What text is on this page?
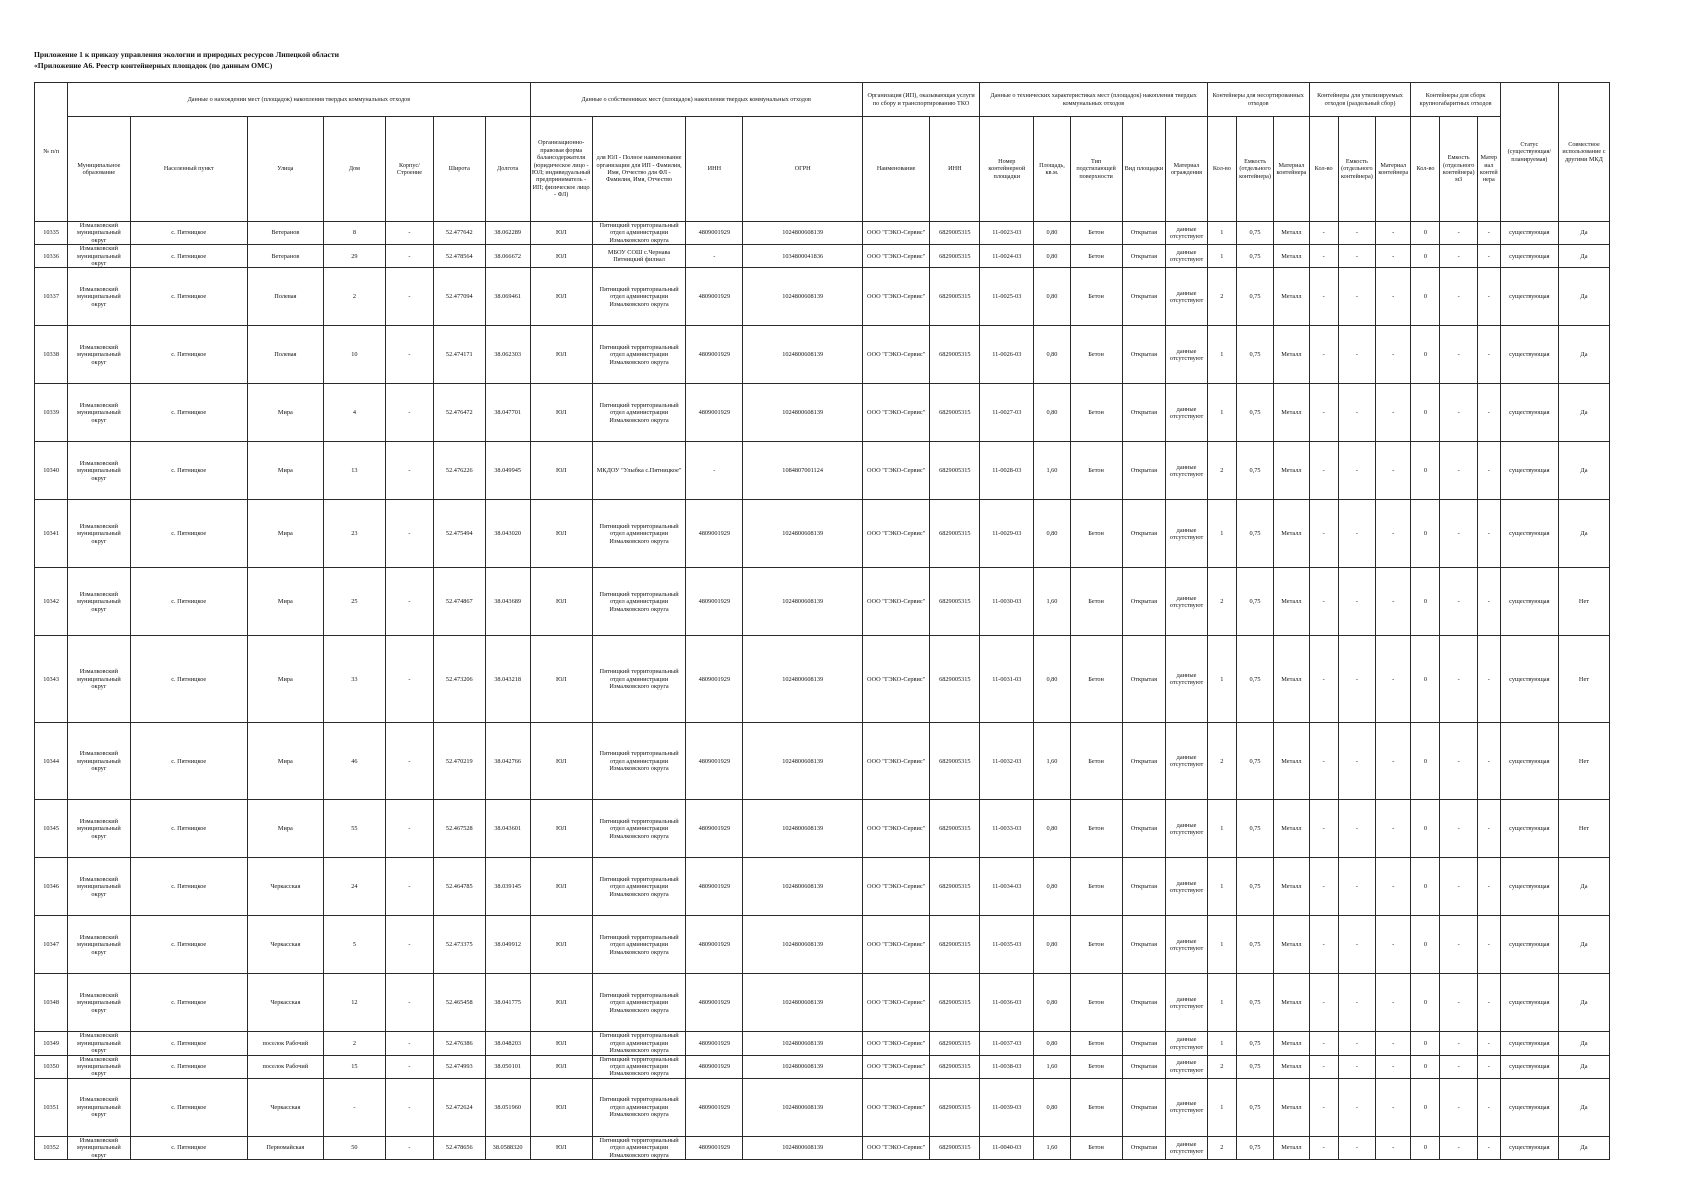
Приложение 1 к приказу управления экологии и природных ресурсов Липецкой области
«Приложение А6. Реестр контейнерных площадок (по данным ОМС)
№ п/п	Данные о нахождении мест (площадок) накопления твердых коммунальных отходов							Данные о собственниках мест (площадок) накопления твердых коммунальных отходов				Организация (ИП), оказывающая услуги по сбору и транспортированию ТКО		Данные о технических характеристиках мест (площадок) накопления твердых коммунальных отходов					Контейнеры для несортированных отходов			Контейнеры для утилизируемых отходов (раздельный сбор)			Контейнеры для сборк крупногабаритных отходов			Статус (существующая/ планируемая)	Совместное использование с другими МКД
	Муниципальное образование	Населенный пункт	Улица	Дом	Корпус/Строение	Широта	Долгота	Организационно-правовая форма балансодержателя (юридическое лицо - ЮЛ; индивидуальный предприниматель - ИП; физическое лицо - ФЛ)	для ЮЛ - Полное наименование организации для ИП - Фамилия, Имя, Отчество для ФЛ - Фамилия, Имя, Отчество	ИНН	ОГРН	Наименование	ИНН	Номер контейнерной площадки	Площадь, кв.м.	Тип подстилающей поверхности	Вид площадки	Материал ограждения	Кол-во	Емкость (отдельного контейнера)	Материал контейнера	Кол-во	Емкость (отдельного контейнера)	Материал контейнера	Кол-во	Емкость (отдельного контейнера) м3	Материал контейнера		
10335	Измалковский муниципальный округ	с. Пятницкое	Ветеранов	8	-	52.477642	38.062289	ЮЛ	Пятницкий территориальный отдел администрации Измалковского округа	4809001929	1024800608139	ООО "ГЭКО-Сервис"	6829005315	11-0023-03	0,80	Бетон	Открытая	данные отсутствуют	1	0,75	Металл	-	-	-	0	-	-	существующая	Да
10336	Измалковский муниципальный округ	с. Пятницкое	Ветеранов	29	-	52.478564	38.066672	ЮЛ	МБОУ СОШ с.Чернава Пятницкий филиал	-	1034800041836	ООО "ГЭКО-Сервис"	6829005315	11-0024-03	0,80	Бетон	Открытая	данные отсутствуют	1	0,75	Металл	-	-	-	0	-	-	существующая	Да
10337	Измалковский муниципальный округ	с. Пятницкое	Полевая	2	-	52.477094	38.069461	ЮЛ	Пятницкий территориальный отдел администрации Измалковского округа	4809001929	1024800608139	ООО "ГЭКО-Сервис"	6829005315	11-0025-03	0,80	Бетон	Открытая	данные отсутствуют	2	0,75	Металл	-	-	-	0	-	-	существующая	Да
10338	Измалковский муниципальный округ	с. Пятницкое	Полевая	10	-	52.474171	38.062303	ЮЛ	Пятницкий территориальный отдел администрации Измалковского округа	4809001929	1024800608139	ООО "ГЭКО-Сервис"	6829005315	11-0026-03	0,80	Бетон	Открытая	данные отсутствуют	1	0,75	Металл	-	-	-	0	-	-	существующая	Да
10339	Измалковский муниципальный округ	с. Пятницкое	Мира	4	-	52.476472	38.047701	ЮЛ	Пятницкий территориальный отдел администрации Измалковского округа	4809001929	1024800608139	ООО "ГЭКО-Сервис"	6829005315	11-0027-03	0,80	Бетон	Открытая	данные отсутствуют	1	0,75	Металл	-	-	-	0	-	-	существующая	Да
10340	Измалковский муниципальный округ	с. Пятницкое	Мира	13	-	52.476226	38.049945	ЮЛ	МКДОУ "Улыбка с.Пятницкое"	-	1084807001124	ООО "ГЭКО-Сервис"	6829005315	11-0028-03	1,60	Бетон	Открытая	данные отсутствуют	2	0,75	Металл	-	-	-	0	-	-	существующая	Да
10341	Измалковский муниципальный округ	с. Пятницкое	Мира	23	-	52.475494	38.043020	ЮЛ	Пятницкий территориальный отдел администрации Измалковского округа	4809001929	1024800608139	ООО "ГЭКО-Сервис"	6829005315	11-0029-03	0,80	Бетон	Открытая	данные отсутствуют	1	0,75	Металл	-	-	-	0	-	-	существующая	Да
10342	Измалковский муниципальный округ	с. Пятницкое	Мира	25	-	52.474867	38.043689	ЮЛ	Пятницкий территориальный отдел администрации Измалковского округа	4809001929	1024800608139	ООО "ГЭКО-Сервис"	6829005315	11-0030-03	1,60	Бетон	Открытая	данные отсутствуют	2	0,75	Металл	-	-	-	0	-	-	существующая	Нет
10343	Измалковский муниципальный округ	с. Пятницкое	Мира	33	-	52.473206	38.043218	ЮЛ	Пятницкий территориальный отдел администрации Измалковского округа	4809001929	1024800608139	ООО "ГЭКО-Сервис"	6829005315	11-0031-03	0,80	Бетон	Открытая	данные отсутствуют	1	0,75	Металл	-	-	-	0	-	-	существующая	Нет
10344	Измалковский муниципальный округ	с. Пятницкое	Мира	46	-	52.470219	38.042766	ЮЛ	Пятницкий территориальный отдел администрации Измалковского округа	4809001929	1024800608139	ООО "ГЭКО-Сервис"	6829005315	11-0032-03	1,60	Бетон	Открытая	данные отсутствуют	2	0,75	Металл	-	-	-	0	-	-	существующая	Нет
10345	Измалковский муниципальный округ	с. Пятницкое	Мира	55	-	52.467528	38.043601	ЮЛ	Пятницкий территориальный отдел администрации Измалковского округа	4809001929	1024800608139	ООО "ГЭКО-Сервис"	6829005315	11-0033-03	0,80	Бетон	Открытая	данные отсутствуют	1	0,75	Металл	-	-	-	0	-	-	существующая	Нет
10346	Измалковский муниципальный округ	с. Пятницкое	Черкасская	24	-	52.464785	38.039145	ЮЛ	Пятницкий территориальный отдел администрации Измалковского округа	4809001929	1024800608139	ООО "ГЭКО-Сервис"	6829005315	11-0034-03	0,80	Бетон	Открытая	данные отсутствуют	1	0,75	Металл	-	-	-	0	-	-	существующая	Да
10347	Измалковский муниципальный округ	с. Пятницкое	Черкасская	5	-	52.473375	38.049912	ЮЛ	Пятницкий территориальный отдел администрации Измалковского округа	4809001929	1024800608139	ООО "ГЭКО-Сервис"	6829005315	11-0035-03	0,80	Бетон	Открытая	данные отсутствуют	1	0,75	Металл	-	-	-	0	-	-	существующая	Да
10348	Измалковский муниципальный округ	с. Пятницкое	Черкасская	12	-	52.465458	38.041775	ЮЛ	Пятницкий территориальный отдел администрации Измалковского округа	4809001929	1024800608139	ООО "ГЭКО-Сервис"	6829005315	11-0036-03	0,80	Бетон	Открытая	данные отсутствуют	1	0,75	Металл	-	-	-	0	-	-	существующая	Да
10349	Измалковский муниципальный округ	с. Пятницкое	поселок Рабочий	2	-	52.476386	38.048203	ЮЛ	Пятницкий территориальный отдел администрации Измалковского округа	4809001929	1024800608139	ООО "ГЭКО-Сервис"	6829005315	11-0037-03	0,80	Бетон	Открытая	данные отсутствуют	1	0,75	Металл	-	-	-	0	-	-	существующая	Да
10350	Измалковский муниципальный округ	с. Пятницкое	поселок Рабочий	15	-	52.474993	38.050101	ЮЛ	Пятницкий территориальный отдел администрации Измалковского округа	4809001929	1024800608139	ООО "ГЭКО-Сервис"	6829005315	11-0038-03	1,60	Бетон	Открытая	данные отсутствуют	2	0,75	Металл	-	-	-	0	-	-	существующая	Да
10351	Измалковский муниципальный округ	с. Пятницкое	Черкасская	-	-	52.472624	38.051960	ЮЛ	Пятницкий территориальный отдел администрации Измалковского округа	4809001929	1024800608139	ООО "ГЭКО-Сервис"	6829005315	11-0039-03	0,80	Бетон	Открытая	данные отсутствуют	1	0,75	Металл	-	-	-	0	-	-	существующая	Да
10352	Измалковский муниципальный округ	с. Пятницкое	Первомайская	50	-	52.478656	38.0588320	ЮЛ	Пятницкий территориальный отдел администрации Измалковского округа	4809001929	1024800608139	ООО "ГЭКО-Сервис"	6829005315	11-0040-03	1,60	Бетон	Открытая	данные отсутствуют	2	0,75	Металл	-	-	-	0	-	-	существующая	Да
